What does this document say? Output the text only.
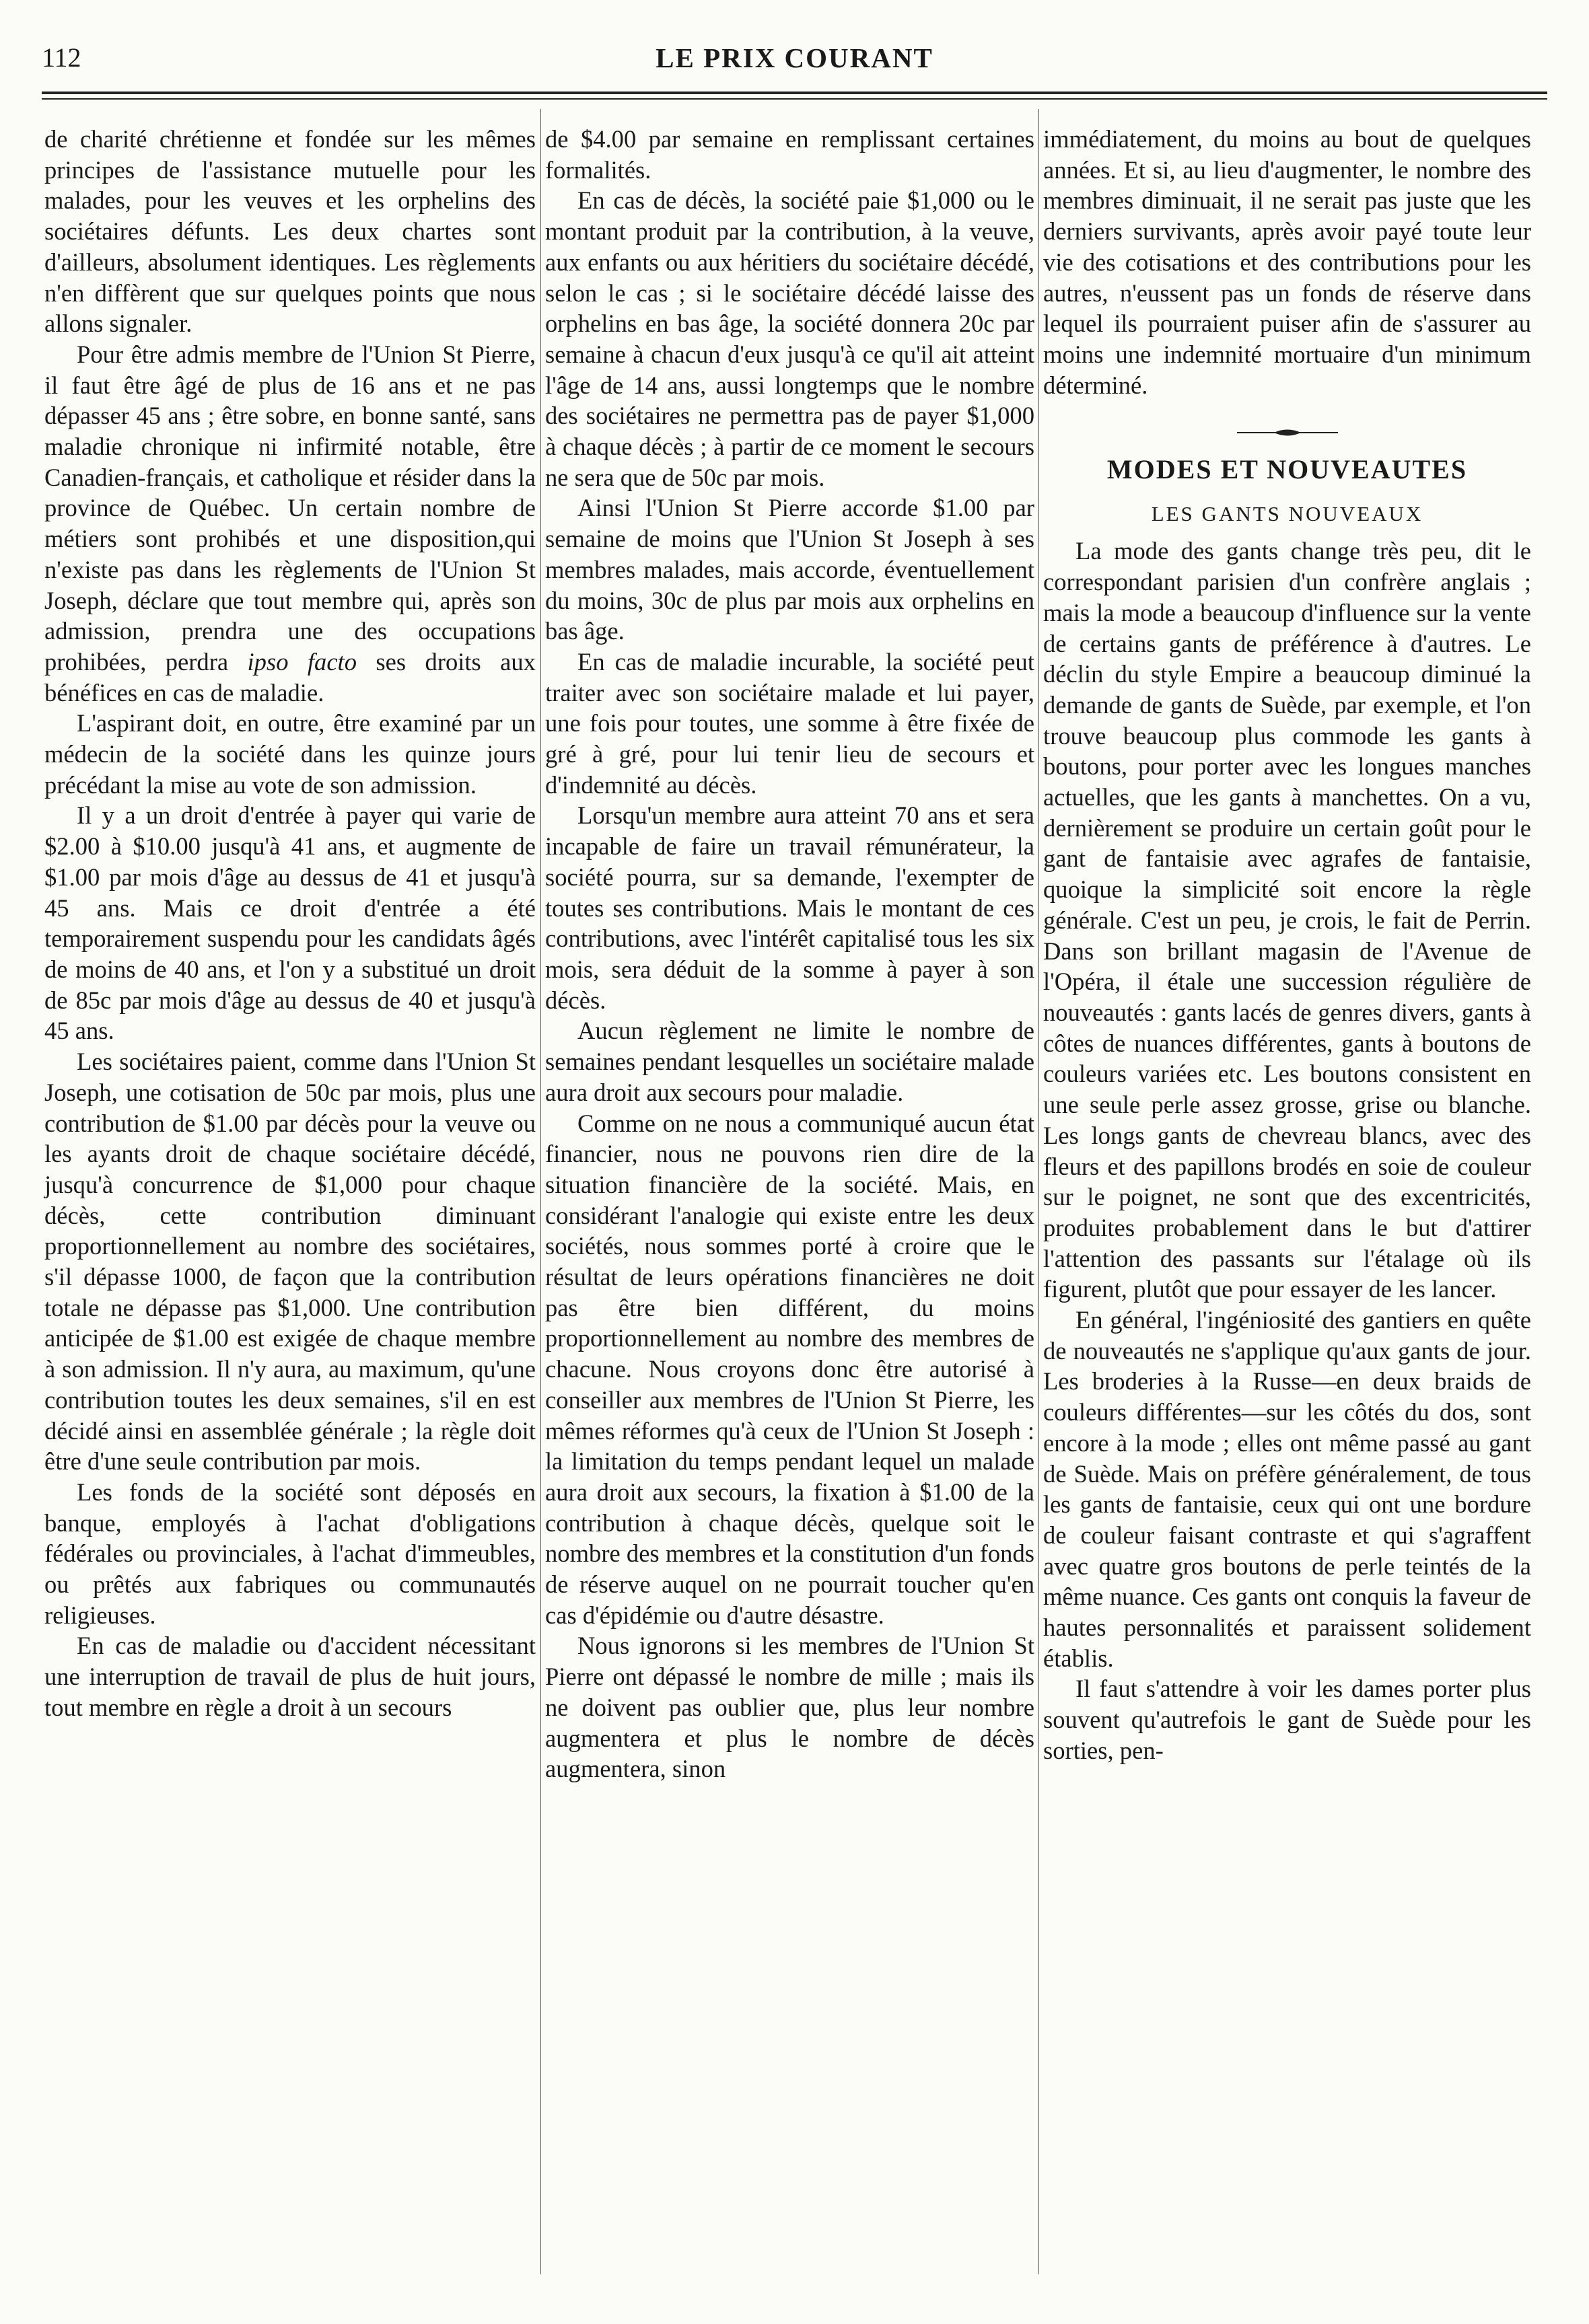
112	LE PRIX COURANT

de charité chrétienne et fondée sur les mêmes principes de l'assistance mutuelle pour les malades, pour les veuves et les orphelins des sociétaires défunts. Les deux chartes sont d'ailleurs, absolument identiques. Les règlements n'en diffèrent que sur quelques points que nous allons signaler.

Pour être admis membre de l'Union St Pierre, il faut être âgé de plus de 16 ans et ne pas dépasser 45 ans ; être sobre, en bonne santé, sans maladie chronique ni infirmité notable, être Canadien-français, et catholique et résider dans la province de Québec. Un certain nombre de métiers sont prohibés et une disposition,qui n'existe pas dans les règlements de l'Union St Joseph, déclare que tout membre qui, après son admission, prendra une des occupations prohibées, perdra ipso facto ses droits aux bénéfices en cas de maladie.

L'aspirant doit, en outre, être examiné par un médecin de la société dans les quinze jours précédant la mise au vote de son admission.

Il y a un droit d'entrée à payer qui varie de $2.00 à $10.00 jusqu'à 41 ans, et augmente de $1.00 par mois d'âge au dessus de 41 et jusqu'à 45 ans. Mais ce droit d'entrée a été temporairement suspendu pour les candidats âgés de moins de 40 ans, et l'on y a substitué un droit de 85c par mois d'âge au dessus de 40 et jusqu'à 45 ans.

Les sociétaires paient, comme dans l'Union St Joseph, une cotisation de 50c par mois, plus une contribution de $1.00 par décès pour la veuve ou les ayants droit de chaque sociétaire décédé, jusqu'à concurrence de $1,000 pour chaque décès, cette contribution diminuant proportionnellement au nombre des sociétaires, s'il dépasse 1000, de façon que la contribution totale ne dépasse pas $1,000. Une contribution anticipée de $1.00 est exigée de chaque membre à son admission. Il n'y aura, au maximum, qu'une contribution toutes les deux semaines, s'il en est décidé ainsi en assemblée générale ; la règle doit être d'une seule contribution par mois.

Les fonds de la société sont déposés en banque, employés à l'achat d'obligations fédérales ou provinciales, à l'achat d'immeubles, ou prêtés aux fabriques ou communautés religieuses.

En cas de maladie ou d'accident nécessitant une interruption de travail de plus de huit jours, tout membre en règle a droit à un secours

de $4.00 par semaine en remplissant certaines formalités.

En cas de décès, la société paie $1,000 ou le montant produit par la contribution, à la veuve, aux enfants ou aux héritiers du sociétaire décédé, selon le cas ; si le sociétaire décédé laisse des orphelins en bas âge, la société donnera 20c par semaine à chacun d'eux jusqu'à ce qu'il ait atteint l'âge de 14 ans, aussi longtemps que le nombre des sociétaires ne permettra pas de payer $1,000 à chaque décès ; à partir de ce moment le secours ne sera que de 50c par mois.

Ainsi l'Union St Pierre accorde $1.00 par semaine de moins que l'Union St Joseph à ses membres malades, mais accorde, éventuellement du moins, 30c de plus par mois aux orphelins en bas âge.

En cas de maladie incurable, la société peut traiter avec son sociétaire malade et lui payer, une fois pour toutes, une somme à être fixée de gré à gré, pour lui tenir lieu de secours et d'indemnité au décès.

Lorsqu'un membre aura atteint 70 ans et sera incapable de faire un travail rémunérateur, la société pourra, sur sa demande, l'exempter de toutes ses contributions. Mais le montant de ces contributions, avec l'intérêt capitalisé tous les six mois, sera déduit de la somme à payer à son décès.

Aucun règlement ne limite le nombre de semaines pendant lesquelles un sociétaire malade aura droit aux secours pour maladie.

Comme on ne nous a communiqué aucun état financier, nous ne pouvons rien dire de la situation financière de la société. Mais, en considérant l'analogie qui existe entre les deux sociétés, nous sommes porté à croire que le résultat de leurs opérations financières ne doit pas être bien différent, du moins proportionnellement au nombre des membres de chacune. Nous croyons donc être autorisé à conseiller aux membres de l'Union St Pierre, les mêmes réformes qu'à ceux de l'Union St Joseph : la limitation du temps pendant lequel un malade aura droit aux secours, la fixation à $1.00 de la contribution à chaque décès, quelque soit le nombre des membres et la constitution d'un fonds de réserve auquel on ne pourrait toucher qu'en cas d'épidémie ou d'autre désastre.

Nous ignorons si les membres de l'Union St Pierre ont dépassé le nombre de mille ; mais ils ne doivent pas oublier que, plus leur nombre augmentera et plus le nombre de décès augmentera, sinon

immédiatement, du moins au bout de quelques années. Et si, au lieu d'augmenter, le nombre des membres diminuait, il ne serait pas juste que les derniers survivants, après avoir payé toute leur vie des cotisations et des contributions pour les autres, n'eussent pas un fonds de réserve dans lequel ils pourraient puiser afin de s'assurer au moins une indemnité mortuaire d'un minimum déterminé.

MODES ET NOUVEAUTES
LES GANTS NOUVEAUX

La mode des gants change très peu, dit le correspondant parisien d'un confrère anglais ; mais la mode a beaucoup d'influence sur la vente de certains gants de préférence à d'autres. Le déclin du style Empire a beaucoup diminué la demande de gants de Suède, par exemple, et l'on trouve beaucoup plus commode les gants à boutons, pour porter avec les longues manches actuelles, que les gants à manchettes. On a vu, dernièrement se produire un certain goût pour le gant de fantaisie avec agrafes de fantaisie, quoique la simplicité soit encore la règle générale. C'est un peu, je crois, le fait de Perrin. Dans son brillant magasin de l'Avenue de l'Opéra, il étale une succession régulière de nouveautés : gants lacés de genres divers, gants à côtes de nuances différentes, gants à boutons de couleurs variées etc. Les boutons consistent en une seule perle assez grosse, grise ou blanche. Les longs gants de chevreau blancs, avec des fleurs et des papillons brodés en soie de couleur sur le poignet, ne sont que des excentricités, produites probablement dans le but d'attirer l'attention des passants sur l'étalage où ils figurent, plutôt que pour essayer de les lancer.

En général, l'ingéniosité des gantiers en quête de nouveautés ne s'applique qu'aux gants de jour. Les broderies à la Russe—en deux braids de couleurs différentes—sur les côtés du dos, sont encore à la mode ; elles ont même passé au gant de Suède. Mais on préfère généralement, de tous les gants de fantaisie, ceux qui ont une bordure de couleur faisant contraste et qui s'agraffent avec quatre gros boutons de perle teintés de la même nuance. Ces gants ont conquis la faveur de hautes personnalités et paraissent solidement établis.

Il faut s'attendre à voir les dames porter plus souvent qu'autrefois le gant de Suède pour les sorties, pen-
